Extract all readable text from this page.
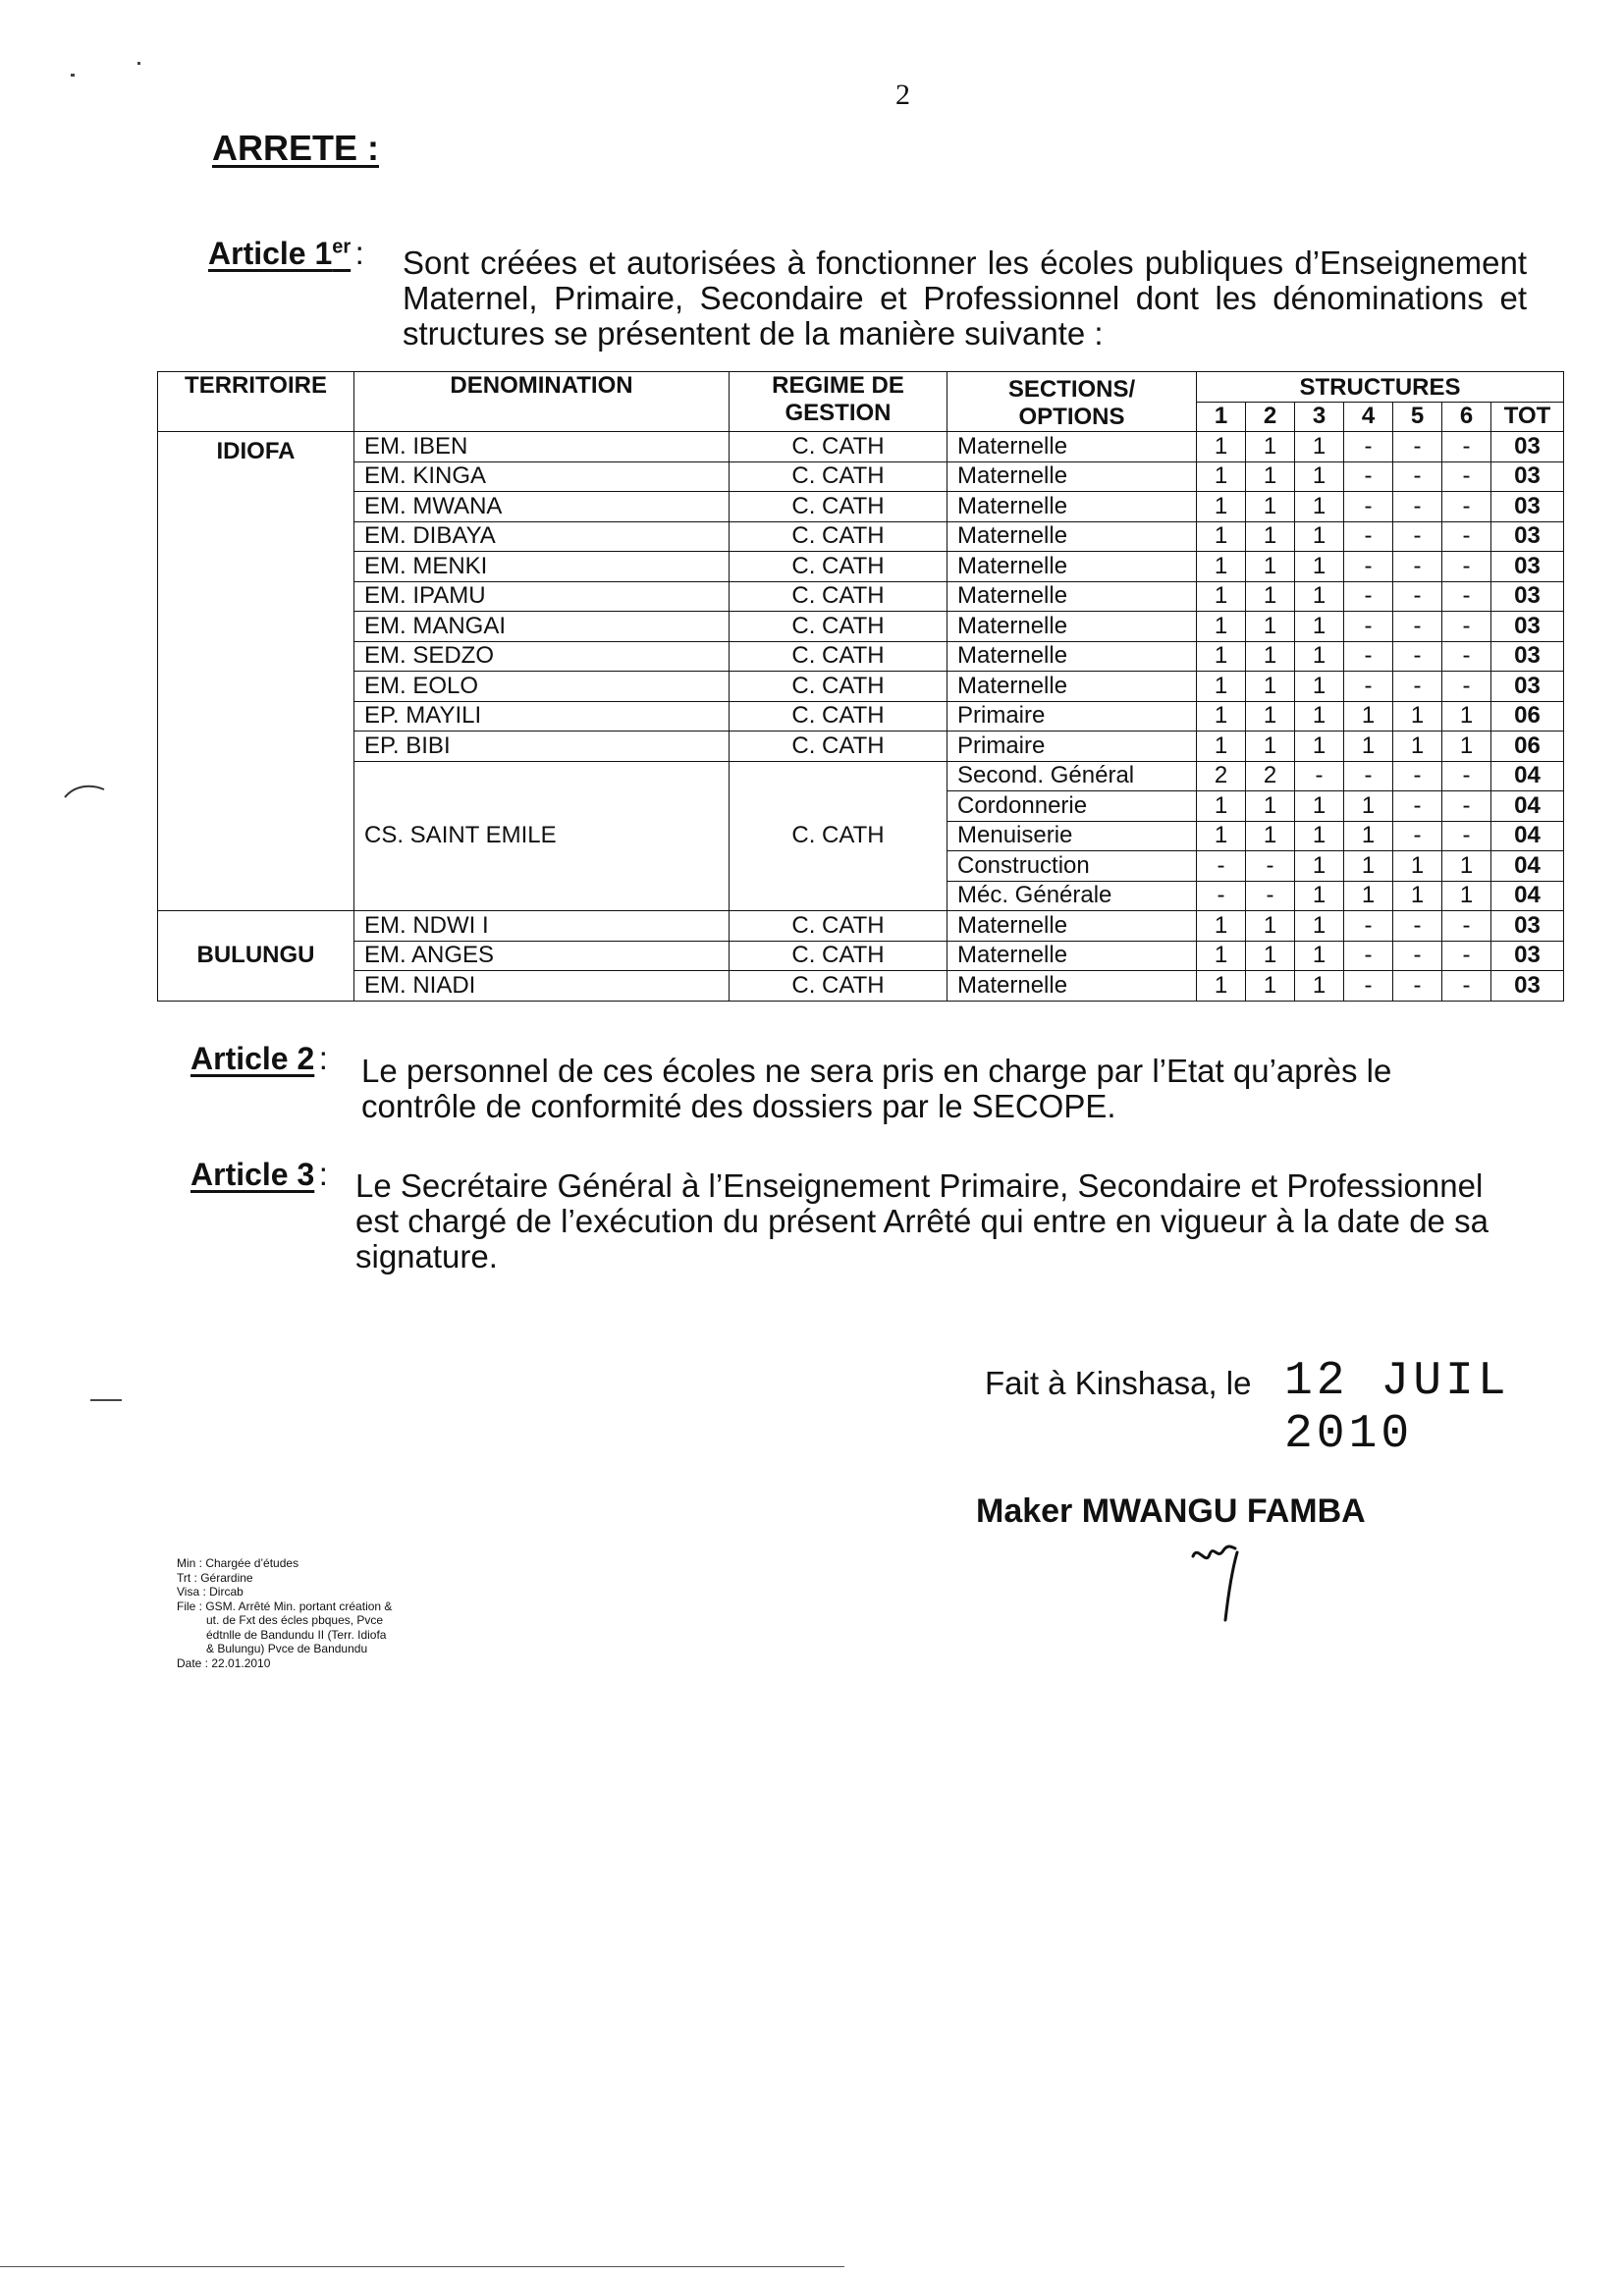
2
ARRETE :
Article 1er :	Sont créées et autorisées à fonctionner les écoles publiques d’Enseignement Maternel, Primaire, Secondaire et Professionnel dont les dénominations et structures se présentent de la manière suivante :
TERRITOIRE	DENOMINATION	REGIME DE GESTION	SECTIONS/ OPTIONS	STRUCTURES						
				1	2	3	4	5	6	TOT
IDIOFA	EM. IBEN	C. CATH	Maternelle	1	1	1	-	-	-	03
	EM. KINGA	C. CATH	Maternelle	1	1	1	-	-	-	03
	EM. MWANA	C. CATH	Maternelle	1	1	1	-	-	-	03
	EM. DIBAYA	C. CATH	Maternelle	1	1	1	-	-	-	03
	EM. MENKI	C. CATH	Maternelle	1	1	1	-	-	-	03
	EM. IPAMU	C. CATH	Maternelle	1	1	1	-	-	-	03
	EM. MANGAI	C. CATH	Maternelle	1	1	1	-	-	-	03
	EM. SEDZO	C. CATH	Maternelle	1	1	1	-	-	-	03
	EM. EOLO	C. CATH	Maternelle	1	1	1	-	-	-	03
	EP. MAYILI	C. CATH	Primaire	1	1	1	1	1	1	06
	EP. BIBI	C. CATH	Primaire	1	1	1	1	1	1	06
	CS. SAINT EMILE	C. CATH	Second. Général	2	2	-	-	-	-	04
			Cordonnerie	1	1	1	1	-	-	04
			Menuiserie	1	1	1	1	-	-	04
			Construction	-	-	1	1	1	1	04
			Méc. Générale	-	-	1	1	1	1	04
BULUNGU	EM. NDWI I	C. CATH	Maternelle	1	1	1	-	-	-	03
	EM. ANGES	C. CATH	Maternelle	1	1	1	-	-	-	03
	EM. NIADI	C. CATH	Maternelle	1	1	1	-	-	-	03
Article 2 : Le personnel de ces écoles ne sera pris en charge par l’Etat qu’après le contrôle de conformité des dossiers par le SECOPE.
Article 3 : Le Secrétaire Général à l’Enseignement Primaire, Secondaire et Professionnel est chargé de l’exécution du présent Arrêté qui entre en vigueur à la date de sa signature.
Fait à Kinshasa, le 12 JUIL 2010
Maker MWANGU FAMBA
Min : Chargée d’études
Trt : Gérardine
Visa : Dircab
File : GSM. Arrêté Min. portant création &
ut. de Fxt des écles pbques, Pvce
édtnlle de Bandundu II (Terr. Idiofa
& Bulungu) Pvce de Bandundu
Date : 22.01.2010
